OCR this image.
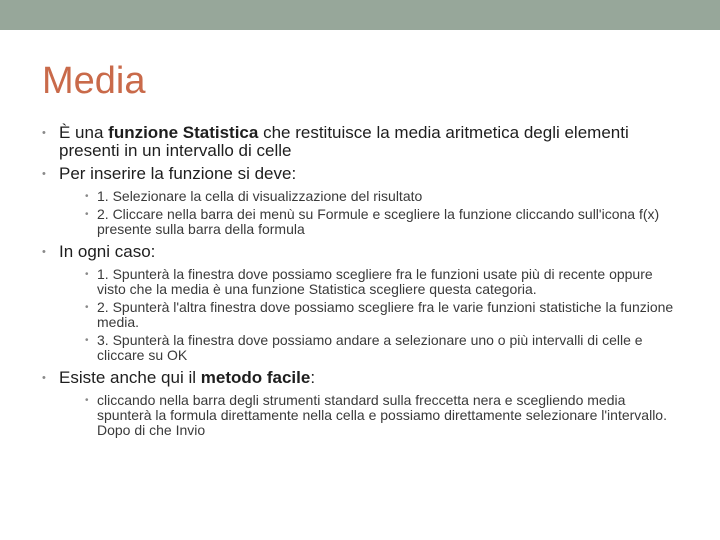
Media
• È una funzione Statistica che restituisce la media aritmetica degli elementi presenti in un intervallo di celle
• Per inserire la funzione si deve:
• 1. Selezionare la cella di visualizzazione del risultato
• 2. Cliccare nella barra dei menù su Formule e scegliere la funzione cliccando sull'icona f(x) presente sulla barra della formula
• In ogni caso:
• 1. Spunterà la finestra dove possiamo scegliere fra le funzioni usate più di recente oppure visto che la media è una funzione Statistica scegliere questa categoria.
• 2. Spunterà l'altra finestra dove possiamo scegliere fra le varie funzioni statistiche la funzione media.
• 3. Spunterà la finestra dove possiamo andare a selezionare uno o più intervalli di celle e cliccare su OK
• Esiste anche qui il metodo facile:
• cliccando nella barra degli strumenti standard sulla freccetta nera e scegliendo media spunterà la formula direttamente nella cella e possiamo direttamente selezionare l'intervallo. Dopo di che Invio
